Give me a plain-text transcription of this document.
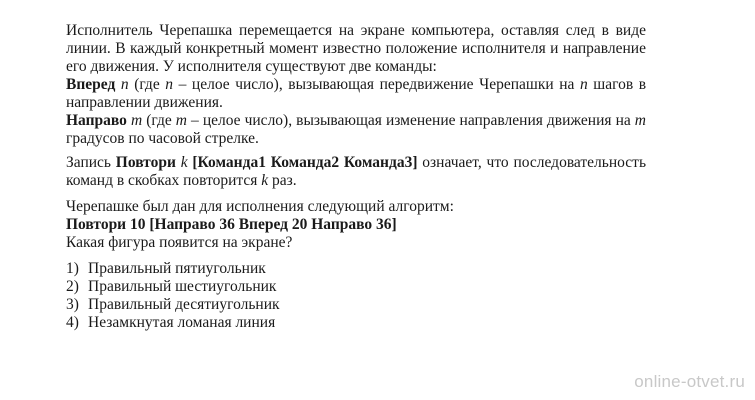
Исполнитель Черепашка перемещается на экране компьютера, оставляя след в виде линии. В каждый конкретный момент известно положение исполнителя и направление его движения. У исполнителя существуют две команды:

Вперед n (где n – целое число), вызывающая передвижение Черепашки на n шагов в направлении движения.

Направо m (где m – целое число), вызывающая изменение направления движения на m градусов по часовой стрелке.

Запись Повтори k [Команда1 Команда2 Команда3] означает, что последовательность команд в скобках повторится k раз.

Черепашке был дан для исполнения следующий алгоритм:

Повтори 10 [Направо 36 Вперед 20 Направо 36]

Какая фигура появится на экране?

1) Правильный пятиугольник

2) Правильный шестиугольник

3) Правильный десятиугольник

4) Незамкнутая ломаная линия

online-otvet.ru
